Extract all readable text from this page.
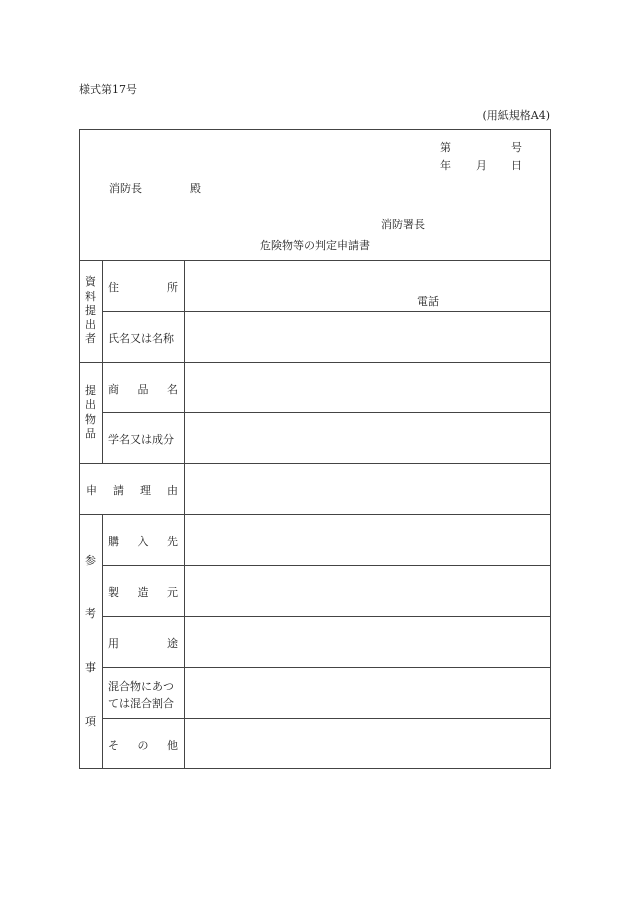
様式第17号
(用紙規格A4)
第	号
年 月 日
消防長	殿
消防署長
危険物等の判定申請書
資
料
提
出
者
住	所
電話
氏名又は名称
提
出
物
品
商 品 名
学名又は成分
申 請 理 由
参
考
事
項
購 入 先
製 造 元
用	途
混合物にあつ
ては混合割合
そ の 他
